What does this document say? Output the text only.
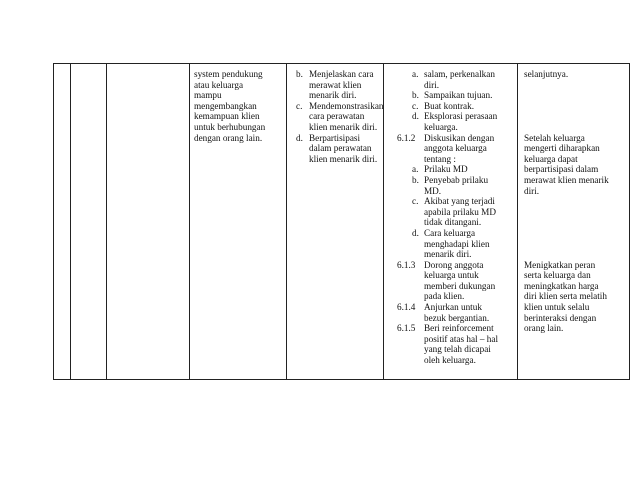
system pendukung
atau keluarga
mampu
mengembangkan
kemampuan klien
untuk berhubungan
dengan orang lain.
b. Menjelaskan cara
merawat klien
menarik diri.
c. Mendemonstrasikan
cara perawatan
klien menarik diri.
d. Berpartisipasi
dalam perawatan
klien menarik diri.
a. salam, perkenalkan
diri.
b. Sampaikan tujuan.
c. Buat kontrak.
d. Eksplorasi perasaan
keluarga.
6.1.2 Diskusikan dengan
anggota keluarga
tentang :
a. Prilaku MD
b. Penyebab prilaku
MD.
c. Akibat yang terjadi
apabila prilaku MD
tidak ditangani.
d. Cara keluarga
menghadapi klien
menarik diri.
6.1.3 Dorong anggota
keluarga untuk
memberi dukungan
pada klien.
6.1.4 Anjurkan untuk
bezuk bergantian.
6.1.5 Beri reinforcement
positif atas hal – hal
yang telah dicapai
oleh keluarga.
selanjutnya.
Setelah keluarga
mengerti diharapkan
keluarga dapat
berpartisipasi dalam
merawat klien menarik
diri.
Menigkatkan peran
serta keluarga dan
meningkatkan harga
diri klien serta melatih
klien untuk selalu
berinteraksi dengan
orang lain.
